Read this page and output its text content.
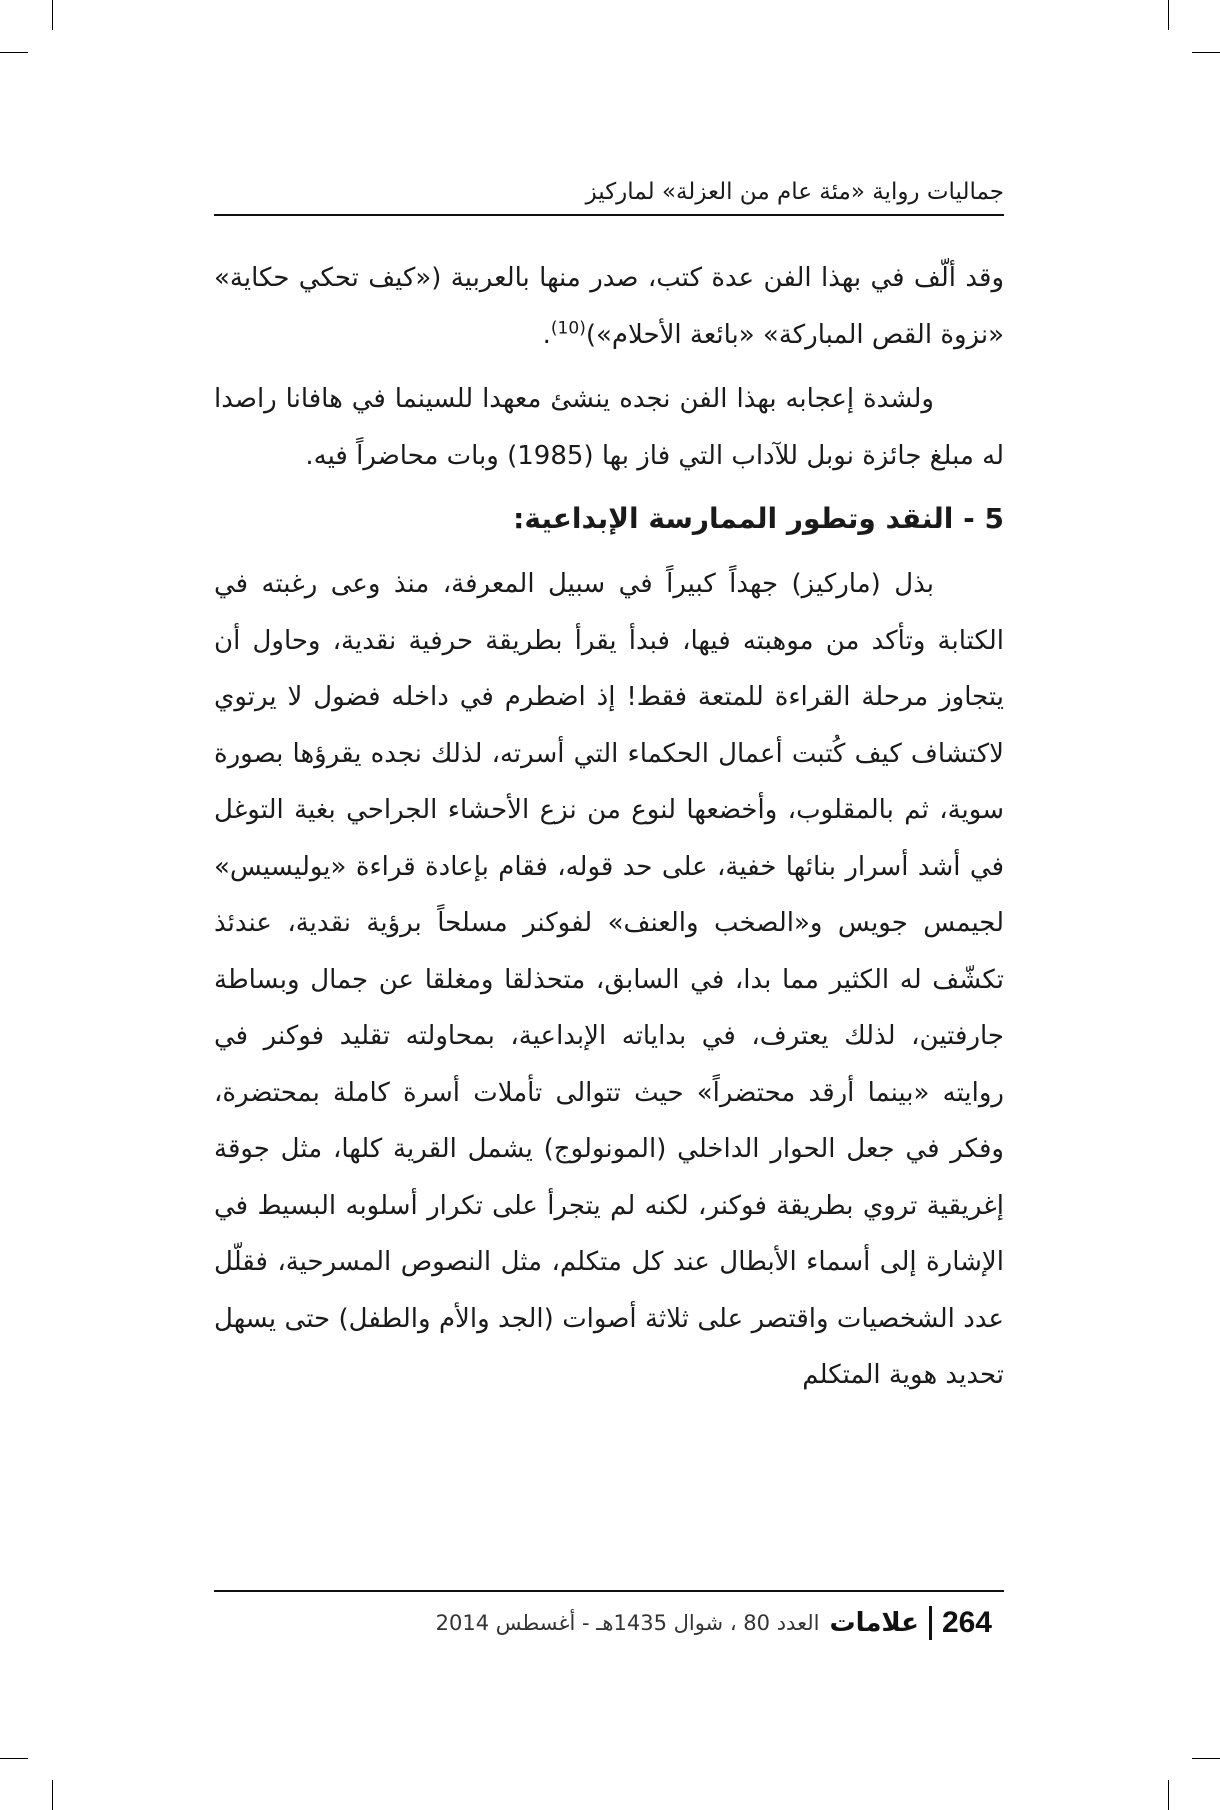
جماليات رواية «مئة عام من العزلة» لماركيز

وقد ألّف في بهذا الفن عدة كتب، صدر منها بالعربية («كيف تحكي حكاية» «نزوة القص المباركة» «بائعة الأحلام»)$^{(10)}$.

ولشدة إعجابه بهذا الفن نجده ينشئ معهدا للسينما في هافانا راصدا له مبلغ جائزة نوبل للآداب التي فاز بها (1985) وبات محاضراً فيه.

5 - النقد وتطور الممارسة الإبداعية:

بذل (ماركيز) جهداً كبيراً في سبيل المعرفة، منذ وعى رغبته في الكتابة وتأكد من موهبته فيها، فبدأ يقرأ بطريقة حرفية نقدية، وحاول أن يتجاوز مرحلة القراءة للمتعة فقط! إذ اضطرم في داخله فضول لا يرتوي لاكتشاف كيف كُتبت أعمال الحكماء التي أسرته، لذلك نجده يقرؤها بصورة سوية، ثم بالمقلوب، وأخضعها لنوع من نزع الأحشاء الجراحي بغية التوغل في أشد أسرار بنائها خفية، على حد قوله، فقام بإعادة قراءة «يوليسيس» لجيمس جويس و«الصخب والعنف» لفوكنر مسلحاً برؤية نقدية، عندئذ تكشّف له الكثير مما بدا، في السابق، متحذلقا ومغلقا عن جمال وبساطة جارفتين، لذلك يعترف، في بداياته الإبداعية، بمحاولته تقليد فوكنر في روايته «بينما أرقد محتضراً» حيث تتوالى تأملات أسرة كاملة بمحتضرة، وفكر في جعل الحوار الداخلي (المونولوج) يشمل القرية كلها، مثل جوقة إغريقية تروي بطريقة فوكنر، لكنه لم يتجرأ على تكرار أسلوبه البسيط في الإشارة إلى أسماء الأبطال عند كل متكلم، مثل النصوص المسرحية، فقلّل عدد الشخصيات واقتصر على ثلاثة أصوات (الجد والأم والطفل) حتى يسهل تحديد هوية المتكلم

العدد 80 ، شوال 1435هـ - أغسطس 2014 علامات 264
